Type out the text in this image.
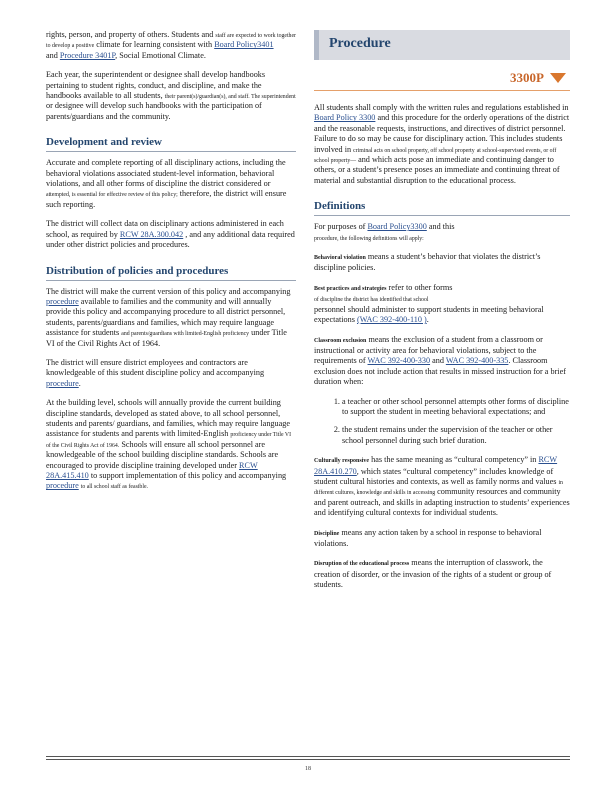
rights, person, and property of others. Students and staff are expected to work together to develop a positive climate for learning consistent with Board Policy3401
and Procedure 3401P, Social Emotional Climate.

Each year, the superintendent or designee shall develop handbooks pertaining to student rights, conduct, and discipline, and make the handbooks available to all students, their parent(s)/guardian(s), and staff. The superintendent or designee will develop such handbooks with the participation of parents/guardians and the community.

Development and review

Accurate and complete reporting of all disciplinary actions, including the behavioral violations associated student-level information, behavioral violations, and all other forms of discipline the district considered or attempted, is essential for effective review of this policy; therefore, the district will ensure such reporting.

The district will collect data on disciplinary actions administered in each school, as required by RCW 28A.300.042 , and any additional data required under other district policies and procedures.

Distribution of policies and procedures

The district will make the current version of this policy and accompanying procedure available to families and the community and will annually provide this policy and accompanying procedure to all district personnel, students, parents/guardians and families, which may require language assistance for students and parents/guardians with limited-English proficiency under Title VI of the Civil Rights Act of 1964.

The district will ensure district employees and contractors are knowledgeable of this student discipline policy and accompanying procedure.

At the building level, schools will annually provide the current building discipline standards, developed as stated above, to all school personnel, students and parents/ guardians, and families, which may require language assistance for students and parents with limited-English proficiency under Title VI of the Civil Rights Act of 1964. Schools will ensure all school personnel are knowledgeable of the school building discipline standards. Schools are encouraged to provide discipline training developed under RCW 28A.415.410 to support implementation of this policy and accompanying procedure to all school staff as feasible.

Procedure
3300P

All students shall comply with the written rules and regulations established in Board Policy 3300 and this procedure for the orderly operations of the district and the reasonable requests, instructions, and directives of district personnel. Failure to do so may be cause for disciplinary action. This includes students involved in criminal acts on school property, off school property at school-supervised events, or off school property— and which acts pose an immediate and continuing danger to others, or a student’s presence poses an immediate and continuing threat of material and substantial disruption to the educational process.

Definitions

For purposes of Board Policy3300 and this
procedure, the following definitions will apply:

Behavioral violation means a student’s behavior that violates the district’s discipline policies.

Best practices and strategies refer to other forms
of discipline the district has identified that school
personnel should administer to support students in meeting behavioral expectations (WAC 392-400-110 ).

Classroom exclusion means the exclusion of a student from a classroom or instructional or activity area for behavioral violations, subject to the requirements of WAC 392-400-330 and WAC 392-400-335. Classroom exclusion does not include action that results in missed instruction for a brief duration when:

1. a teacher or other school personnel attempts other forms of discipline to support the student in meeting behavioral expectations; and
2. the student remains under the supervision of the teacher or other school personnel during such brief duration.

Culturally responsive has the same meaning as “cultural competency” in RCW 28A.410.270, which states “cultural competency” includes knowledge of student cultural histories and contexts, as well as family norms and values in different cultures, knowledge and skills in accessing community resources and community and parent outreach, and skills in adapting instruction to students’ experiences and identifying cultural contexts for individual students.

Discipline means any action taken by a school in response to behavioral violations.

Disruption of the educational process means the interruption of classwork, the creation of disorder, or the invasion of the rights of a student or group of students.

18
